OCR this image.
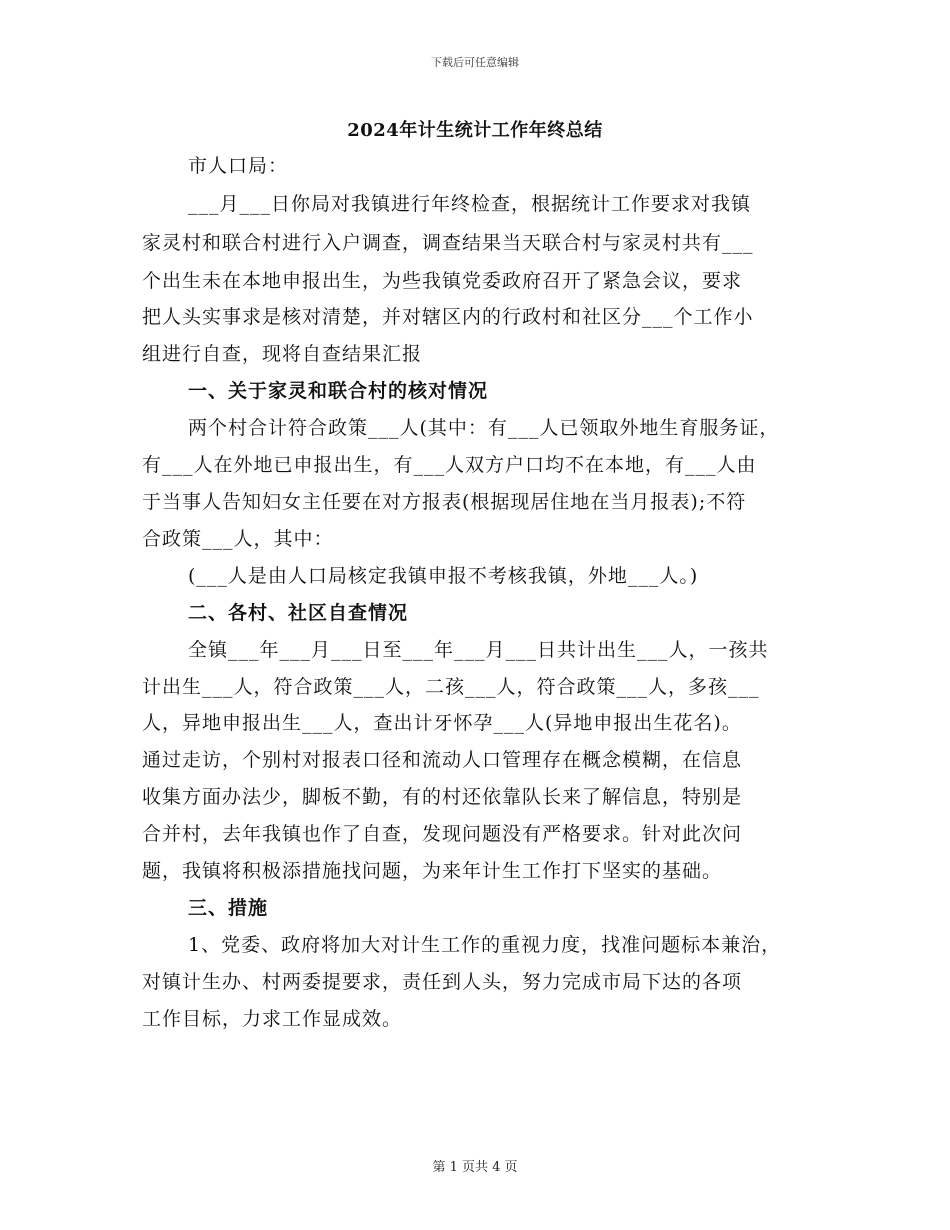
下载后可任意编辑
2024年计生统计工作年终总结
市人口局：
___月___日你局对我镇进行年终检查，根据统计工作要求对我镇
家灵村和联合村进行入户调查，调查结果当天联合村与家灵村共有___
个出生未在本地申报出生，为些我镇党委政府召开了紧急会议，要求
把人头实事求是核对清楚，并对辖区内的行政村和社区分___个工作小
组进行自查，现将自查结果汇报
一、关于家灵和联合村的核对情况
两个村合计符合政策___人(其中：有___人已领取外地生育服务证，
有___人在外地已申报出生，有___人双方户口均不在本地，有___人由
于当事人告知妇女主任要在对方报表(根据现居住地在当月报表);不符
合政策___人，其中：
(___人是由人口局核定我镇申报不考核我镇，外地___人。)
二、各村、社区自查情况
全镇___年___月___日至___年___月___日共计出生___人，一孩共
计出生___人，符合政策___人，二孩___人，符合政策___人，多孩___
人，异地申报出生___人，查出计牙怀孕___人(异地申报出生花名)。
通过走访，个别村对报表口径和流动人口管理存在概念模糊，在信息
收集方面办法少，脚板不勤，有的村还依靠队长来了解信息，特别是
合并村，去年我镇也作了自查，发现问题没有严格要求。针对此次问
题，我镇将积极添措施找问题，为来年计生工作打下坚实的基础。
三、措施
1、党委、政府将加大对计生工作的重视力度，找准问题标本兼治，
对镇计生办、村两委提要求，责任到人头，努力完成市局下达的各项
工作目标，力求工作显成效。
第 1 页共 4 页
